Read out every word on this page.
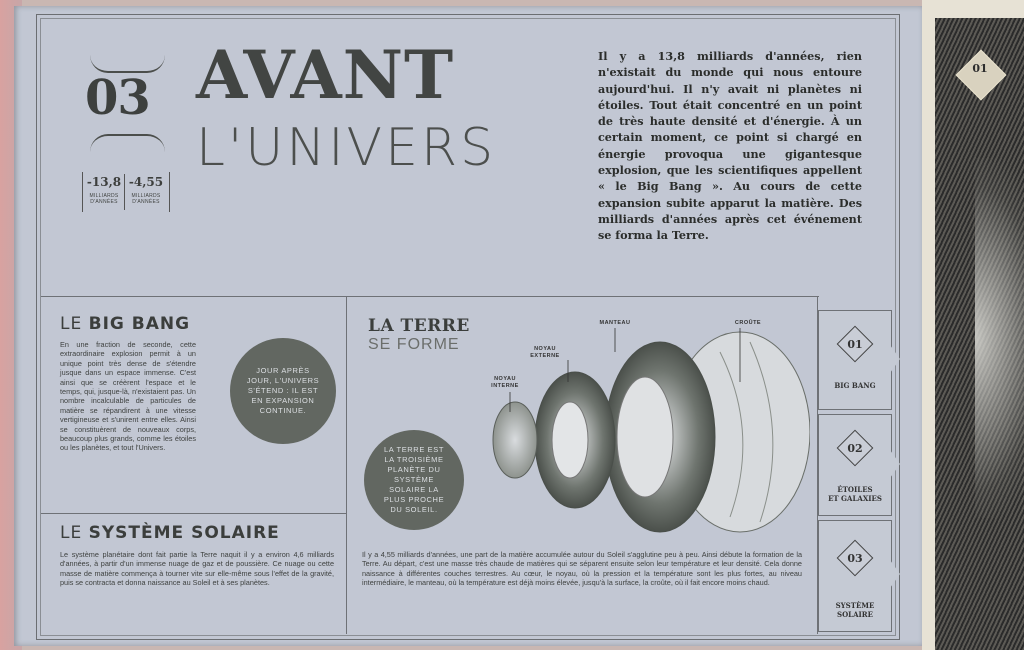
03 AVANT
L'UNIVERS
-13,8
MILLIARDS
D'ANNÉES
-4,55
MILLIARDS
D'ANNÉES
Il y a 13,8 milliards d'années, rien n'existait du monde qui nous entoure aujourd'hui. Il n'y avait ni planètes ni étoiles. Tout était concentré en un point de très haute densité et d'énergie. À un certain moment, ce point si chargé en énergie provoqua une gigantesque explosion, que les scientifiques appellent « le Big Bang ». Au cours de cette expansion subite apparut la matière. Des milliards d'années après cet événement se forma la Terre.
LE BIG BANG
En une fraction de seconde, cette extraordinaire explosion permit à un unique point très dense de s'étendre jusque dans un espace immense. C'est ainsi que se créèrent l'espace et le temps, qui, jusque-là, n'existaient pas. Un nombre incalculable de particules de matière se répandirent à une vitesse vertigineuse et s'unirent entre elles. Ainsi se constituèrent de nouveaux corps, beaucoup plus grands, comme les étoiles ou les planètes, et tout l'Univers.
JOUR APRÈS JOUR, L'UNIVERS S'ÉTEND : IL EST EN EXPANSION CONTINUE.
LE SYSTÈME SOLAIRE
Le système planétaire dont fait partie la Terre naquit il y a environ 4,6 milliards d'années, à partir d'un immense nuage de gaz et de poussière. Ce nuage ou cette masse de matière commença à tourner vite sur elle-même sous l'effet de la gravité, puis se contracta et donna naissance au Soleil et à ses planètes.
LA TERRE
SE FORME
LA TERRE EST LA TROISIÈME PLANÈTE DU SYSTÈME SOLAIRE LA PLUS PROCHE DU SOLEIL.
MANTEAU	CROÛTE
NOYAU
EXTERNE
NOYAU
INTERNE
Il y a 4,55 milliards d'années, une part de la matière accumulée autour du Soleil s'agglutine peu à peu. Ainsi débute la formation de la Terre. Au départ, c'est une masse très chaude de matières qui se séparent ensuite selon leur température et leur densité. Cela donne naissance à différentes couches terrestres. Au cœur, le noyau, où la pression et la température sont les plus fortes, au niveau intermédiaire, le manteau, où la température est déjà moins élevée, jusqu'à la surface, la croûte, où il fait encore moins chaud.
01
BIG BANG

02
ÉTOILES
ET GALAXIES
03
SYSTÈME
SOLAIRE
01
